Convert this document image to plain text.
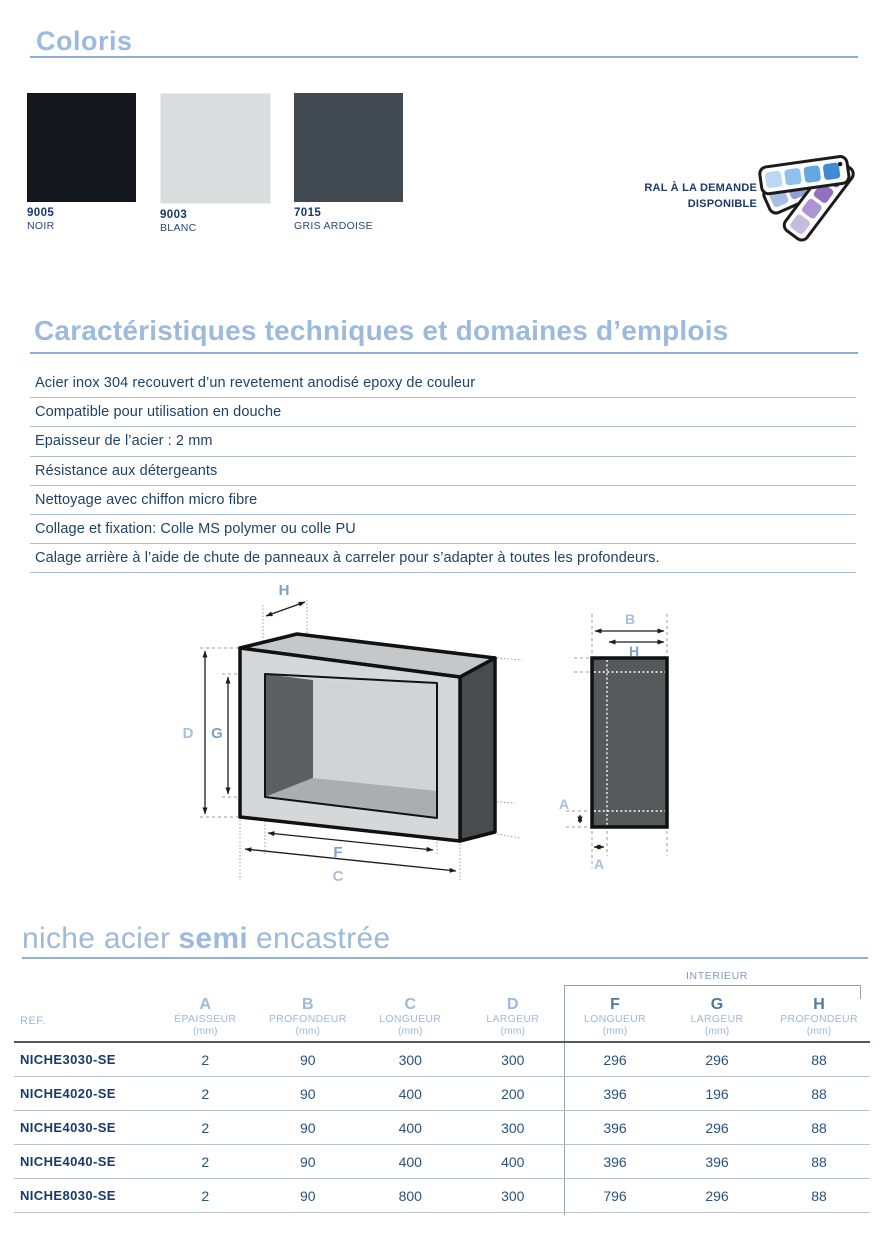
Coloris
9005
NOIR
9003
BLANC
7015
GRIS ARDOISE
RAL À LA DEMANDE
DISPONIBLE
Caractéristiques techniques et domaines d’emplois
Acier inox 304 recouvert d’un revetement anodisé epoxy de couleur
Compatible pour utilisation en douche
Epaisseur de l’acier : 2 mm
Résistance aux détergeants
Nettoyage avec chiffon micro fibre
Collage et fixation: Colle MS polymer ou colle PU
Calage arrière à l’aide de chute de panneaux à carreler pour s’adapter à toutes les profondeurs.
H
D G
F
C
B
H
A
A
niche acier semi encastrée
INTERIEUR
REF.
A
ÉPAISSEUR
(mm)
B
PROFONDEUR
(mm)
C
LONGUEUR
(mm)
D
LARGEUR
(mm)
F
LONGUEUR
(mm)
G
LARGEUR
(mm)
H
PROFONDEUR
(mm)
NICHE3030-SE	2	90	300	300	296	296	88
NICHE4020-SE	2	90	400	200	396	196	88
NICHE4030-SE	2	90	400	300	396	296	88
NICHE4040-SE	2	90	400	400	396	396	88
NICHE8030-SE	2	90	800	300	796	296	88
